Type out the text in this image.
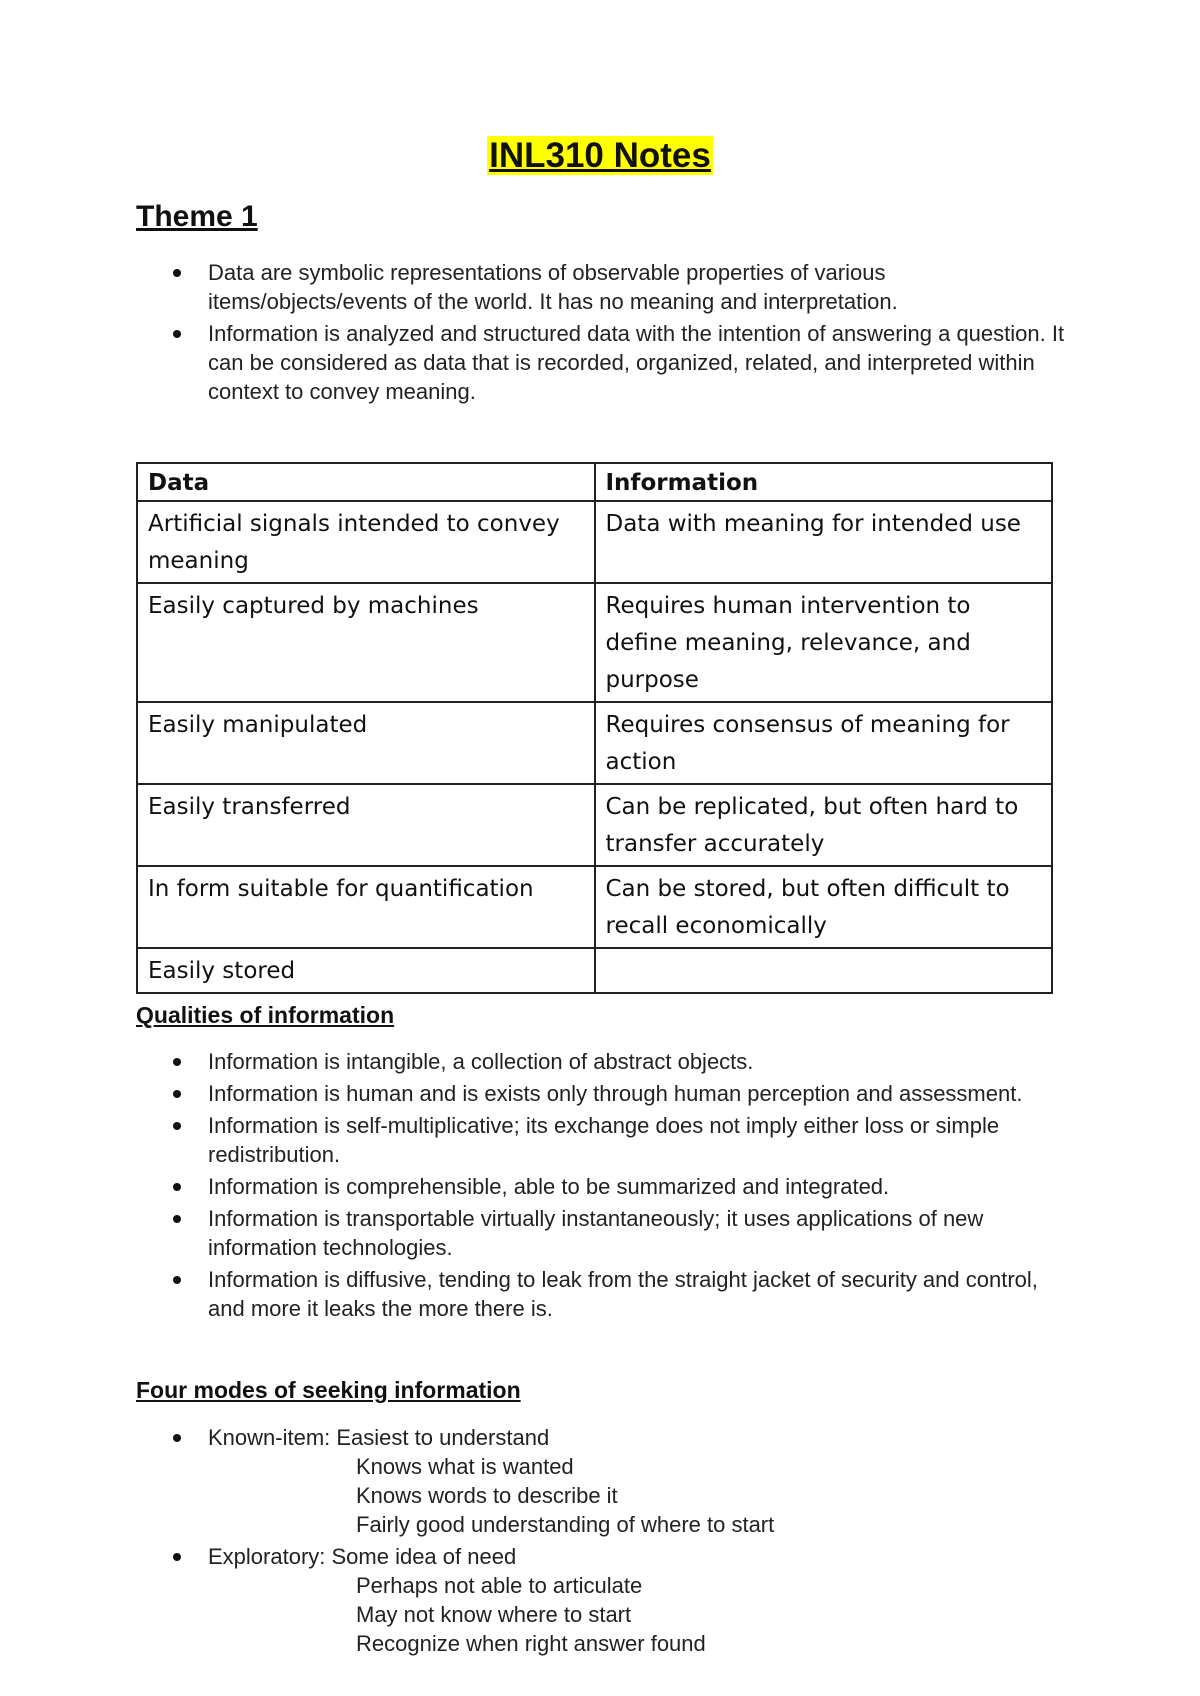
INL310 Notes
Theme 1
Data are symbolic representations of observable properties of various items/objects/events of the world. It has no meaning and interpretation.
Information is analyzed and structured data with the intention of answering a question. It can be considered as data that is recorded, organized, related, and interpreted within context to convey meaning.
Data	Information
Artificial signals intended to convey meaning	Data with meaning for intended use
Easily captured by machines	Requires human intervention to define meaning, relevance, and purpose
Easily manipulated	Requires consensus of meaning for action
Easily transferred	Can be replicated, but often hard to transfer accurately
In form suitable for quantification	Can be stored, but often difficult to recall economically
Easily stored	
Qualities of information
Information is intangible, a collection of abstract objects.
Information is human and is exists only through human perception and assessment.
Information is self-multiplicative; its exchange does not imply either loss or simple redistribution.
Information is comprehensible, able to be summarized and integrated.
Information is transportable virtually instantaneously; it uses applications of new information technologies.
Information is diffusive, tending to leak from the straight jacket of security and control, and more it leaks the more there is.
Four modes of seeking information
Known-item: Easiest to understand
Knows what is wanted
Knows words to describe it
Fairly good understanding of where to start
Exploratory: Some idea of need
Perhaps not able to articulate
May not know where to start
Recognize when right answer found
